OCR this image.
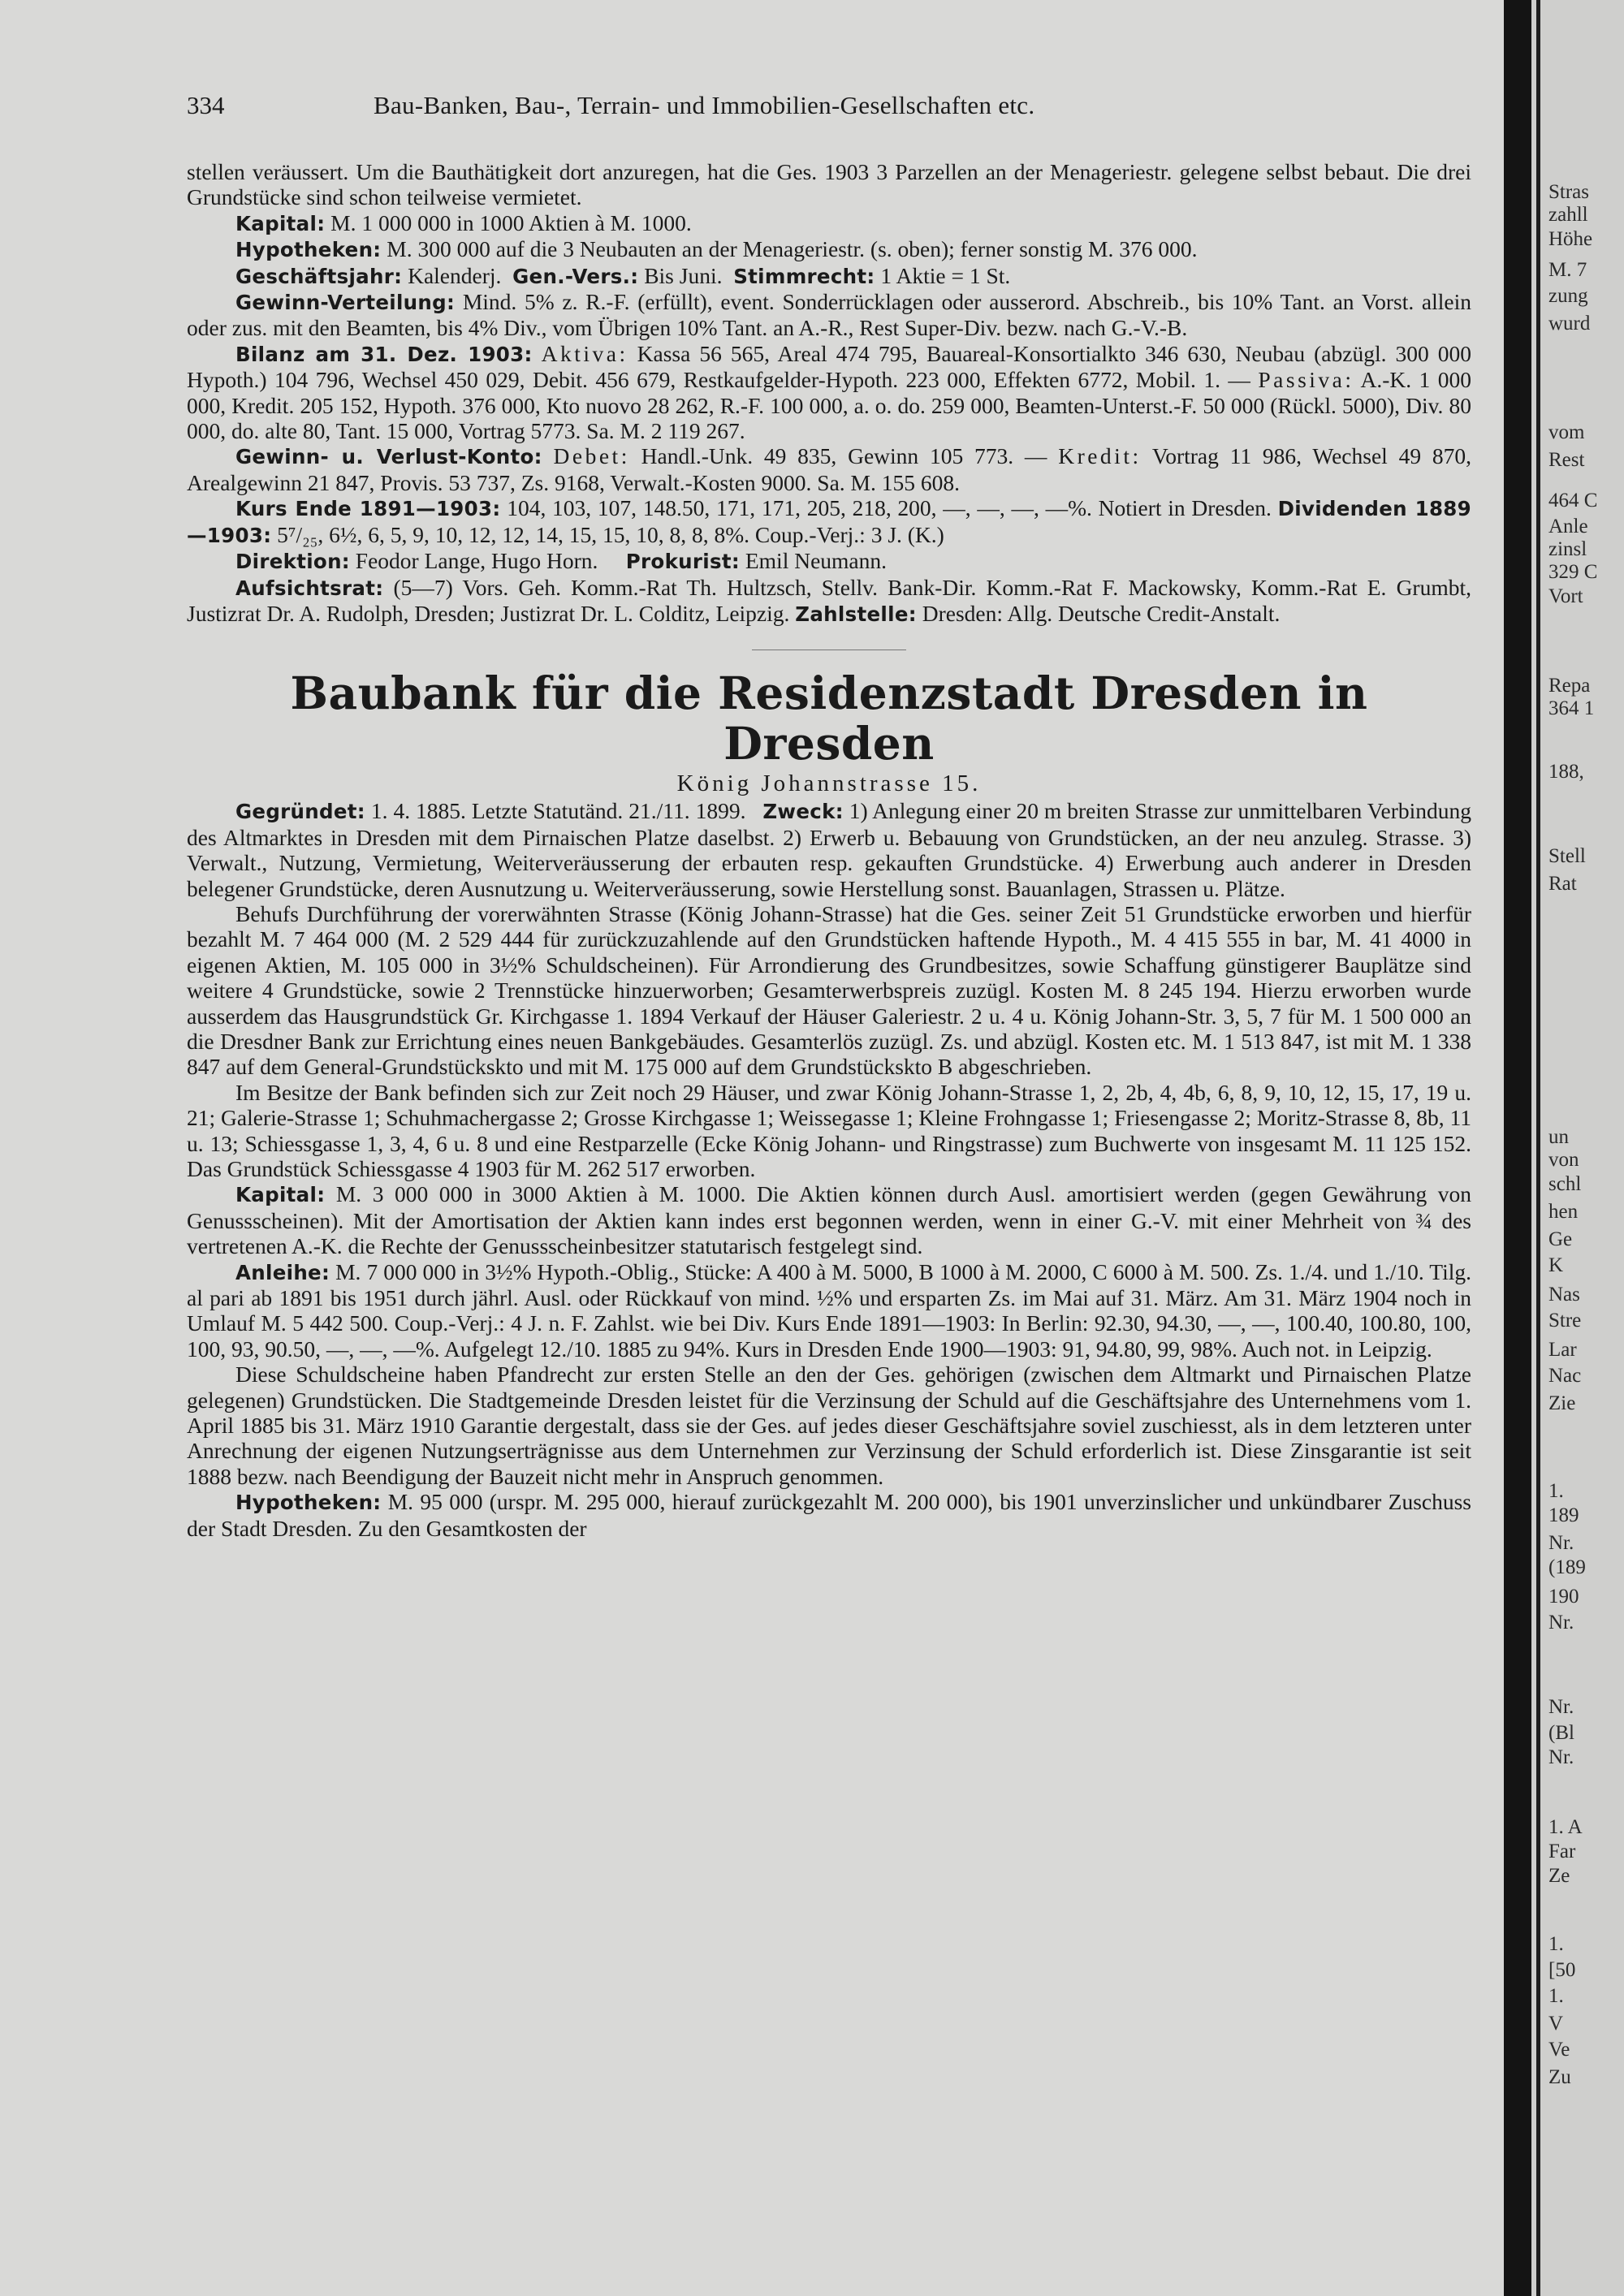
334	Bau-Banken, Bau-, Terrain- und Immobilien-Gesellschaften etc.

stellen veräussert. Um die Bauthätigkeit dort anzuregen, hat die Ges. 1903 3 Parzellen an der Menageriestr. gelegene selbst bebaut. Die drei Grundstücke sind schon teilweise vermietet.

Kapital: M. 1 000 000 in 1000 Aktien à M. 1000.

Hypotheken: M. 300 000 auf die 3 Neubauten an der Menageriestr. (s. oben); ferner sonstig M. 376 000.

Geschäftsjahr: Kalenderj. Gen.-Vers.: Bis Juni. Stimmrecht: 1 Aktie = 1 St.

Gewinn-Verteilung: Mind. 5% z. R.-F. (erfüllt), event. Sonderrücklagen oder ausserord. Abschreib., bis 10% Tant. an Vorst. allein oder zus. mit den Beamten, bis 4% Div., vom Übrigen 10% Tant. an A.-R., Rest Super-Div. bezw. nach G.-V.-B.

Bilanz am 31. Dez. 1903: Aktiva: Kassa 56 565, Areal 474 795, Bauareal-Konsortialkto 346 630, Neubau (abzügl. 300 000 Hypoth.) 104 796, Wechsel 450 029, Debit. 456 679, Restkaufgelder-Hypoth. 223 000, Effekten 6772, Mobil. 1. — Passiva: A.-K. 1 000 000, Kredit. 205 152, Hypoth. 376 000, Kto nuovo 28 262, R.-F. 100 000, a. o. do. 259 000, Beamten-Unterst.-F. 50 000 (Rückl. 5000), Div. 80 000, do. alte 80, Tant. 15 000, Vortrag 5773. Sa. M. 2 119 267.

Gewinn- u. Verlust-Konto: Debet: Handl.-Unk. 49 835, Gewinn 105 773. — Kredit: Vortrag 11 986, Wechsel 49 870, Arealgewinn 21 847, Provis. 53 737, Zs. 9168, Verwalt.-Kosten 9000. Sa. M. 155 608.

Kurs Ende 1891—1903: 104, 103, 107, 148.50, 171, 171, 205, 218, 200, —, —, —, —%. Notiert in Dresden. Dividenden 1889—1903: 5⁷/₂₅, 6½, 6, 5, 9, 10, 12, 12, 14, 15, 15, 10, 8, 8, 8%. Coup.-Verj.: 3 J. (K.)

Direktion: Feodor Lange, Hugo Horn. Prokurist: Emil Neumann.

Aufsichtsrat: (5—7) Vors. Geh. Komm.-Rat Th. Hultzsch, Stellv. Bank-Dir. Komm.-Rat F. Mackowsky, Komm.-Rat E. Grumbt, Justizrat Dr. A. Rudolph, Dresden; Justizrat Dr. L. Colditz, Leipzig. Zahlstelle: Dresden: Allg. Deutsche Credit-Anstalt.

Baubank für die Residenzstadt Dresden in Dresden

König Johannstrasse 15.

Gegründet: 1. 4. 1885. Letzte Statutänd. 21./11. 1899. Zweck: 1) Anlegung einer 20 m breiten Strasse zur unmittelbaren Verbindung des Altmarktes in Dresden mit dem Pirnaischen Platze daselbst. 2) Erwerb u. Bebauung von Grundstücken, an der neu anzuleg. Strasse. 3) Verwalt., Nutzung, Vermietung, Weiterveräusserung der erbauten resp. gekauften Grundstücke. 4) Erwerbung auch anderer in Dresden belegener Grundstücke, deren Ausnutzung u. Weiterveräusserung, sowie Herstellung sonst. Bauanlagen, Strassen u. Plätze.

Behufs Durchführung der vorerwähnten Strasse (König Johann-Strasse) hat die Ges. seiner Zeit 51 Grundstücke erworben und hierfür bezahlt M. 7 464 000 (M. 2 529 444 für zurückzuzahlende auf den Grundstücken haftende Hypoth., M. 4 415 555 in bar, M. 41 4000 in eigenen Aktien, M. 105 000 in 3½% Schuldscheinen). Für Arrondierung des Grundbesitzes, sowie Schaffung günstigerer Bauplätze sind weitere 4 Grundstücke, sowie 2 Trennstücke hinzuerworben; Gesamterwerbspreis zuzügl. Kosten M. 8 245 194. Hierzu erworben wurde ausserdem das Hausgrundstück Gr. Kirchgasse 1. 1894 Verkauf der Häuser Galeriestr. 2 u. 4 u. König Johann-Str. 3, 5, 7 für M. 1 500 000 an die Dresdner Bank zur Errichtung eines neuen Bankgebäudes. Gesamterlös zuzügl. Zs. und abzügl. Kosten etc. M. 1 513 847, ist mit M. 1 338 847 auf dem General-Grundstückskto und mit M. 175 000 auf dem Grundstückskto B abgeschrieben.

Im Besitze der Bank befinden sich zur Zeit noch 29 Häuser, und zwar König Johann-Strasse 1, 2, 2b, 4, 4b, 6, 8, 9, 10, 12, 15, 17, 19 u. 21; Galerie-Strasse 1; Schuhmachergasse 2; Grosse Kirchgasse 1; Weissegasse 1; Kleine Frohngasse 1; Friesengasse 2; Moritz-Strasse 8, 8b, 11 u. 13; Schiessgasse 1, 3, 4, 6 u. 8 und eine Restparzelle (Ecke König Johann- und Ringstrasse) zum Buchwerte von insgesamt M. 11 125 152. Das Grundstück Schiessgasse 4 1903 für M. 262 517 erworben.

Kapital: M. 3 000 000 in 3000 Aktien à M. 1000. Die Aktien können durch Ausl. amortisiert werden (gegen Gewährung von Genussscheinen). Mit der Amortisation der Aktien kann indes erst begonnen werden, wenn in einer G.-V. mit einer Mehrheit von ¾ des vertretenen A.-K. die Rechte der Genussscheinbesitzer statutarisch festgelegt sind.

Anleihe: M. 7 000 000 in 3½% Hypoth.-Oblig., Stücke: A 400 à M. 5000, B 1000 à M. 2000, C 6000 à M. 500. Zs. 1./4. und 1./10. Tilg. al pari ab 1891 bis 1951 durch jährl. Ausl. oder Rückkauf von mind. ½% und ersparten Zs. im Mai auf 31. März. Am 31. März 1904 noch in Umlauf M. 5 442 500. Coup.-Verj.: 4 J. n. F. Zahlst. wie bei Div. Kurs Ende 1891—1903: In Berlin: 92.30, 94.30, —, —, 100.40, 100.80, 100, 100, 93, 90.50, —, —, —%. Aufgelegt 12./10. 1885 zu 94%. Kurs in Dresden Ende 1900—1903: 91, 94.80, 99, 98%. Auch not. in Leipzig.

Diese Schuldscheine haben Pfandrecht zur ersten Stelle an den der Ges. gehörigen (zwischen dem Altmarkt und Pirnaischen Platze gelegenen) Grundstücken. Die Stadtgemeinde Dresden leistet für die Verzinsung der Schuld auf die Geschäftsjahre des Unternehmens vom 1. April 1885 bis 31. März 1910 Garantie dergestalt, dass sie der Ges. auf jedes dieser Geschäftsjahre soviel zuschiesst, als in dem letzteren unter Anrechnung der eigenen Nutzungserträgnisse aus dem Unternehmen zur Verzinsung der Schuld erforderlich ist. Diese Zinsgarantie ist seit 1888 bezw. nach Beendigung der Bauzeit nicht mehr in Anspruch genommen.

Hypotheken: M. 95 000 (urspr. M. 295 000, hierauf zurückgezahlt M. 200 000), bis 1901 unverzinslicher und unkündbarer Zuschuss der Stadt Dresden. Zu den Gesamtkosten der

Stras
zahll
Höhe
M. 7
zung
wurd
vom
Rest
464 C
Anle
zinsl
329 C
Vort
Repa
364 1
188,
Stell
Rat
un
von
schl
hen
Ge
K
Nas
Stre
Lar
Nac
Zie
1.
189
Nr.
(189
190
Nr.
Nr.
(Bl
Nr.
1. A
Far
Ze
1.
[50
1.
V
Ve
Zu
